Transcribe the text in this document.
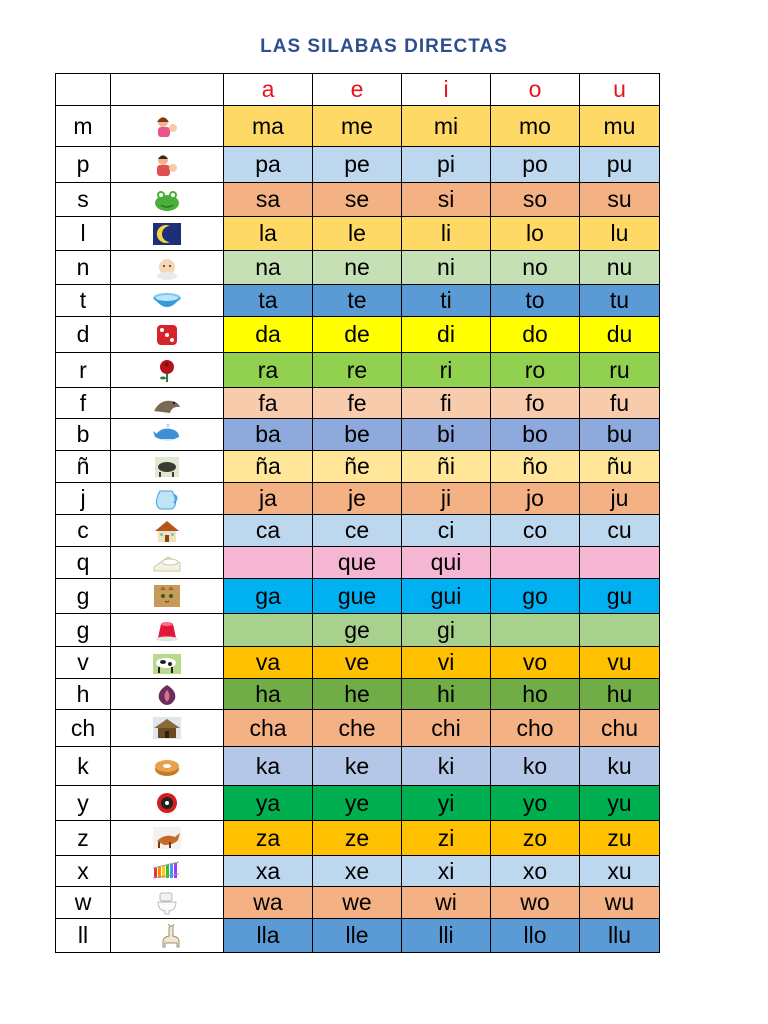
LAS SILABAS DIRECTAS
		a	e	i	o	u
m		ma	me	mi	mo	mu
p		pa	pe	pi	po	pu
s		sa	se	si	so	su
l		la	le	li	lo	lu
n		na	ne	ni	no	nu
t		ta	te	ti	to	tu
d		da	de	di	do	du
r		ra	re	ri	ro	ru
f		fa	fe	fi	fo	fu
b		ba	be	bi	bo	bu
ñ		ña	ñe	ñi	ño	ñu
j		ja	je	ji	jo	ju
c		ca	ce	ci	co	cu
q			que	qui		
g		ga	gue	gui	go	gu
g			ge	gi		
v		va	ve	vi	vo	vu
h		ha	he	hi	ho	hu
ch		cha	che	chi	cho	chu
k		ka	ke	ki	ko	ku
y		ya	ye	yi	yo	yu
z		za	ze	zi	zo	zu
x		xa	xe	xi	xo	xu
w		wa	we	wi	wo	wu
ll		lla	lle	lli	llo	llu
